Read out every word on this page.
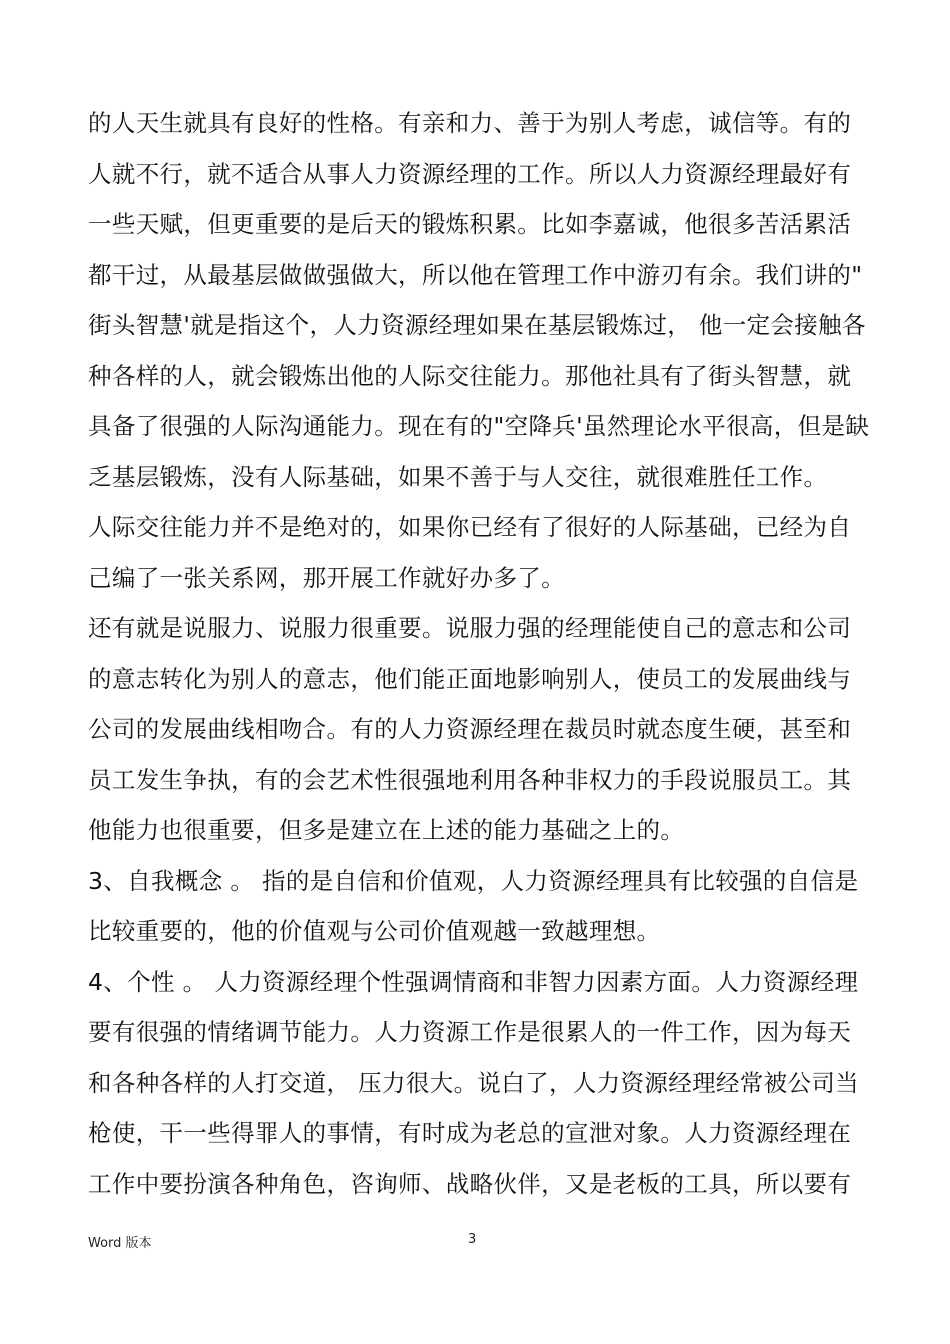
的人天生就具有良好的性格。有亲和力、善于为别人考虑，诚信等。有的
人就不行，就不适合从事人力资源经理的工作。所以人力资源经理最好有
一些天赋，但更重要的是后天的锻炼积累。比如李嘉诚，他很多苦活累活
都干过，从最基层做做强做大，所以他在管理工作中游刃有余。我们讲的"
街头智慧'就是指这个，人力资源经理如果在基层锻炼过， 他一定会接触各
种各样的人，就会锻炼出他的人际交往能力。那他社具有了街头智慧，就
具备了很强的人际沟通能力。现在有的"空降兵'虽然理论水平很高，但是缺
乏基层锻炼，没有人际基础，如果不善于与人交往，就很难胜任工作。

人际交往能力并不是绝对的，如果你已经有了很好的人际基础，已经为自
己编了一张关系网，那开展工作就好办多了。

还有就是说服力、说服力很重要。说服力强的经理能使自己的意志和公司
的意志转化为别人的意志，他们能正面地影响别人，使员工的发展曲线与
公司的发展曲线相吻合。有的人力资源经理在裁员时就态度生硬，甚至和
员工发生争执，有的会艺术性很强地利用各种非权力的手段说服员工。其
他能力也很重要，但多是建立在上述的能力基础之上的。

3、自我概念 。 指的是自信和价值观，人力资源经理具有比较强的自信是
比较重要的，他的价值观与公司价值观越一致越理想。

4、个性 。 人力资源经理个性强调情商和非智力因素方面。人力资源经理
要有很强的情绪调节能力。人力资源工作是很累人的一件工作，因为每天
和各种各样的人打交道， 压力很大。说白了，人力资源经理经常被公司当
枪使，干一些得罪人的事情，有时成为老总的宣泄对象。人力资源经理在
工作中要扮演各种角色，咨询师、战略伙伴，又是老板的工具，所以要有

Word 版本	3
